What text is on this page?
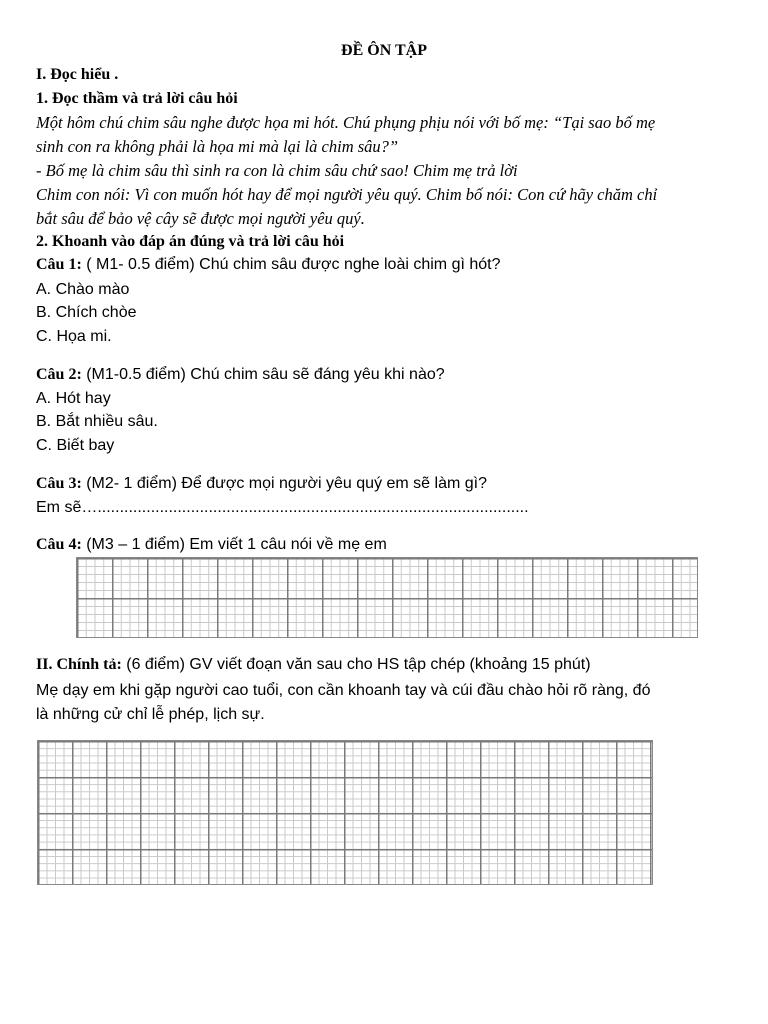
ĐỀ ÔN TẬP
I. Đọc hiểu .
1. Đọc thầm và trả lời câu hỏi
Một hôm chú chim sâu nghe được họa mi hót. Chú phụng phịu nói với bố mẹ: “Tại sao bố mẹ
sinh con ra không phải là họa mi mà lại là chim sâu?”
- Bố mẹ là chim sâu thì sinh ra con là chim sâu chứ sao! Chim mẹ trả lời
Chim con nói: Vì con muốn hót hay để mọi người yêu quý. Chim bố nói: Con cứ hãy chăm chỉ
bắt sâu để bảo vệ cây sẽ được mọi người yêu quý.
2. Khoanh vào đáp án đúng và trả lời câu hỏi
Câu 1: ( M1- 0.5 điểm) Chú chim sâu được nghe loài chim gì hót?
A. Chào mào
B. Chích chòe
C. Họa mi.
Câu 2: (M1-0.5 điểm) Chú chim sâu sẽ đáng yêu khi nào?
A. Hót hay
B. Bắt nhiều sâu.
C. Biết bay
Câu 3: (M2- 1 điểm) Để được mọi người yêu quý em sẽ làm gì?
Em sẽ….................................................................................................
Câu 4: (M3 – 1 điểm) Em viết 1 câu nói về mẹ em
II. Chính tả: (6 điểm) GV viết đoạn văn sau cho HS tập chép (khoảng 15 phút)
Mẹ dạy em khi gặp người cao tuổi, con cần khoanh tay và cúi đầu chào hỏi rõ ràng, đó
là những cử chỉ lễ phép, lịch sự.
